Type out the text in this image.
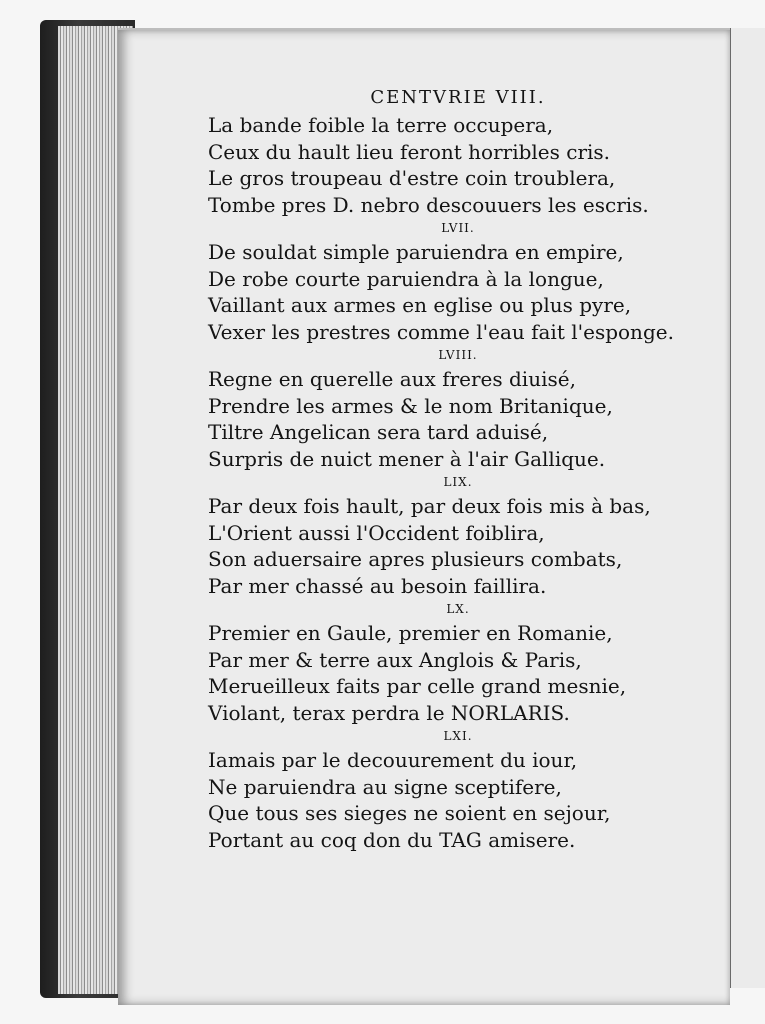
CENTVRIE VIII.
La bande foible la terre occupera,
Ceux du hault lieu feront horribles cris.
Le gros troupeau d'estre coin troublera,
Tombe pres D. nebro descouuers les escris.
LVII.
De souldat simple paruiendra en empire,
De robe courte paruiendra à la longue,
Vaillant aux armes en eglise ou plus pyre,
Vexer les prestres comme l'eau fait l'esponge.
LVIII.
Regne en querelle aux freres diuisé,
Prendre les armes & le nom Britanique,
Tiltre Angelican sera tard aduisé,
Surpris de nuict mener à l'air Gallique.
LIX.
Par deux fois hault, par deux fois mis à bas,
L'Orient aussi l'Occident foiblira,
Son aduersaire apres plusieurs combats,
Par mer chassé au besoin faillira.
LX.
Premier en Gaule, premier en Romanie,
Par mer & terre aux Anglois & Paris,
Merueilleux faits par celle grand mesnie,
Violant, terax perdra le NORLARIS.
LXI.
Iamais par le decouurement du iour,
Ne paruiendra au signe sceptifere,
Que tous ses sieges ne soient en sejour,
Portant au coq don du TAG amisere.
